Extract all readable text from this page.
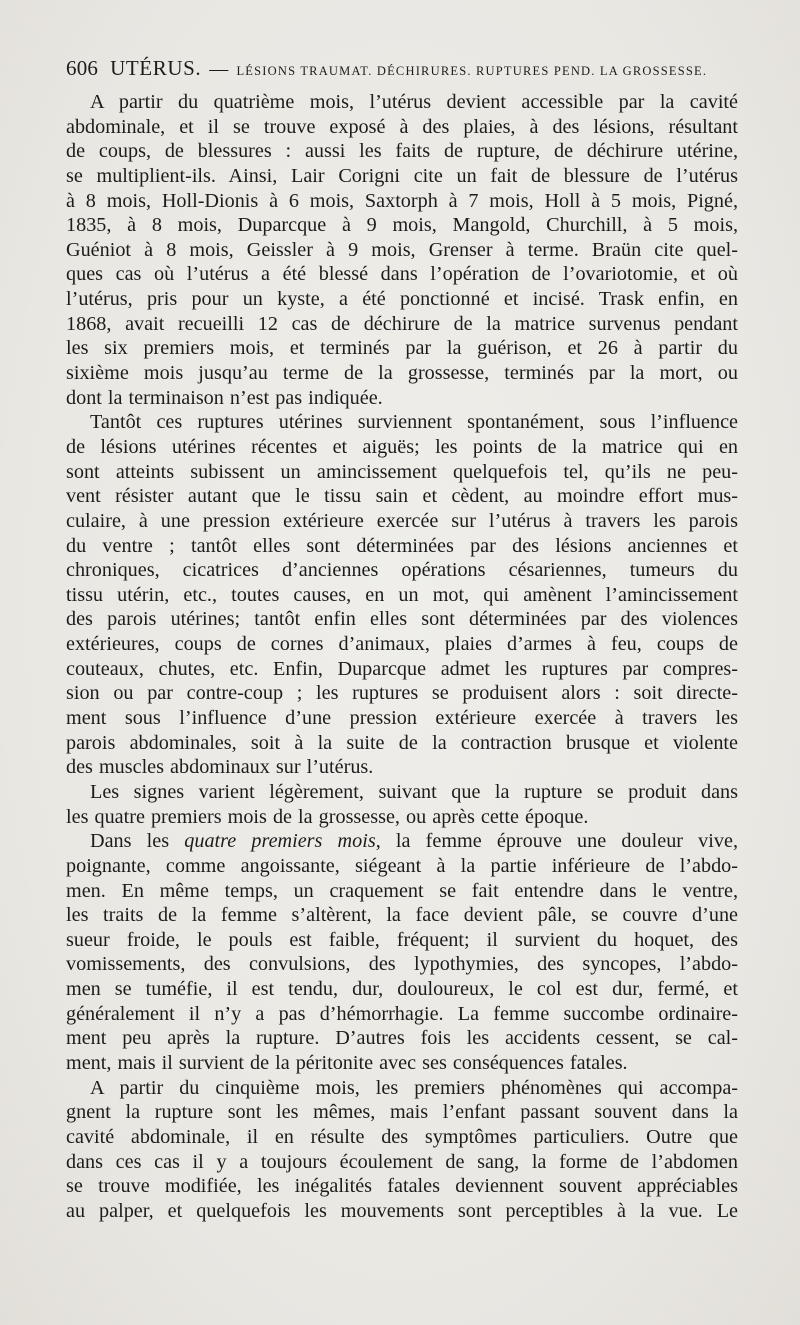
606 UTÉRUS. — LÉSIONS TRAUMAT. DÉCHIRURES. RUPTURES PEND. LA GROSSESSE.
A partir du quatrième mois, l’utérus devient accessible par la cavité
abdominale, et il se trouve exposé à des plaies, à des lésions, résultant
de coups, de blessures : aussi les faits de rupture, de déchirure utérine,
se multiplient-ils. Ainsi, Lair Corigni cite un fait de blessure de l’utérus
à 8 mois, Holl-Dionis à 6 mois, Saxtorph à 7 mois, Holl à 5 mois, Pigné,
1835, à 8 mois, Duparcque à 9 mois, Mangold, Churchill, à 5 mois,
Guéniot à 8 mois, Geissler à 9 mois, Grenser à terme. Braün cite quel-
ques cas où l’utérus a été blessé dans l’opération de l’ovariotomie, et où
l’utérus, pris pour un kyste, a été ponctionné et incisé. Trask enfin, en
1868, avait recueilli 12 cas de déchirure de la matrice survenus pendant
les six premiers mois, et terminés par la guérison, et 26 à partir du
sixième mois jusqu’au terme de la grossesse, terminés par la mort, ou
dont la terminaison n’est pas indiquée.
Tantôt ces ruptures utérines surviennent spontanément, sous l’influence
de lésions utérines récentes et aiguës; les points de la matrice qui en
sont atteints subissent un amincissement quelquefois tel, qu’ils ne peu-
vent résister autant que le tissu sain et cèdent, au moindre effort mus-
culaire, à une pression extérieure exercée sur l’utérus à travers les parois
du ventre ; tantôt elles sont déterminées par des lésions anciennes et
chroniques, cicatrices d’anciennes opérations césariennes, tumeurs du
tissu utérin, etc., toutes causes, en un mot, qui amènent l’amincissement
des parois utérines; tantôt enfin elles sont déterminées par des violences
extérieures, coups de cornes d’animaux, plaies d’armes à feu, coups de
couteaux, chutes, etc. Enfin, Duparcque admet les ruptures par compres-
sion ou par contre-coup ; les ruptures se produisent alors : soit directe-
ment sous l’influence d’une pression extérieure exercée à travers les
parois abdominales, soit à la suite de la contraction brusque et violente
des muscles abdominaux sur l’utérus.
Les signes varient légèrement, suivant que la rupture se produit dans
les quatre premiers mois de la grossesse, ou après cette époque.
Dans les quatre premiers mois, la femme éprouve une douleur vive,
poignante, comme angoissante, siégeant à la partie inférieure de l’abdo-
men. En même temps, un craquement se fait entendre dans le ventre,
les traits de la femme s’altèrent, la face devient pâle, se couvre d’une
sueur froide, le pouls est faible, fréquent; il survient du hoquet, des
vomissements, des convulsions, des lypothymies, des syncopes, l’abdo-
men se tuméfie, il est tendu, dur, douloureux, le col est dur, fermé, et
généralement il n’y a pas d’hémorrhagie. La femme succombe ordinaire-
ment peu après la rupture. D’autres fois les accidents cessent, se cal-
ment, mais il survient de la péritonite avec ses conséquences fatales.
A partir du cinquième mois, les premiers phénomènes qui accompa-
gnent la rupture sont les mêmes, mais l’enfant passant souvent dans la
cavité abdominale, il en résulte des symptômes particuliers. Outre que
dans ces cas il y a toujours écoulement de sang, la forme de l’abdomen
se trouve modifiée, les inégalités fatales deviennent souvent appréciables
au palper, et quelquefois les mouvements sont perceptibles à la vue. Le
